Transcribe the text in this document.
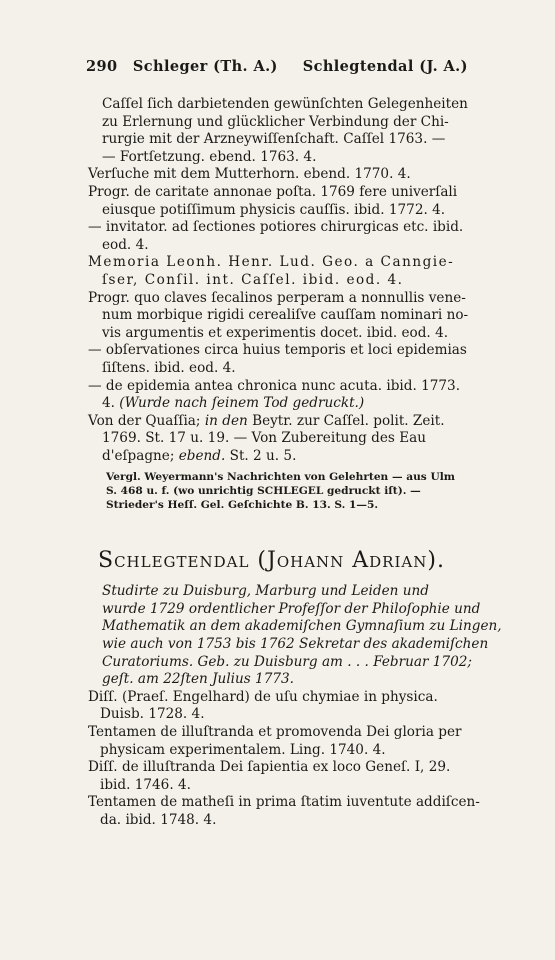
290 Schleger (Th. A.) Schlegtendal (J. A.)
Caſſel ſich darbietenden gewünſchten Gelegenheiten
zu Erlernung und glücklicher Verbindung der Chi-
rurgie mit der Arzneywiſſenſchaft. Caſſel 1763. —
— Fortſetzung. ebend. 1763. 4.
Verſuche mit dem Mutterhorn. ebend. 1770. 4.
Progr. de caritate annonae poſta. 1769 fere univerſali
eiusque potiſſimum physicis cauſſis. ibid. 1772. 4.
— invitator. ad ſectiones potiores chirurgicas etc. ibid.
eod. 4.
Memoria Leonh. Henr. Lud. Geo. a Canngie-
ſser, Conſil. int. Caſſel. ibid. eod. 4.
Progr. quo claves ſecalinos perperam a nonnullis vene-
num morbique rigidi cerealiſve cauſſam nominari no-
vis argumentis et experimentis docet. ibid. eod. 4.
— obſervationes circa huius temporis et loci epidemias
ſiſtens. ibid. eod. 4.
— de epidemia antea chronica nunc acuta. ibid. 1773.
4. (Wurde nach ſeinem Tod gedruckt.)
Von der Quaſſia; in den Beytr. zur Caſſel. polit. Zeit.
1769. St. 17 u. 19. — Von Zubereitung des Eau
d'eſpagne; ebend. St. 2 u. 5.
Vergl. Weyermann's Nachrichten von Gelehrten — aus Ulm
S. 468 u. f. (wo unrichtig SCHLEGEL gedruckt iſt). —
Strieder's Heſſ. Gel. Geſchichte B. 13. S. 1—5.
Schlegtendal (Johann Adrian).
Studirte zu Duisburg, Marburg und Leiden und
wurde 1729 ordentlicher Profeſſor der Philoſophie und
Mathematik an dem akademiſchen Gymnaſium zu Lingen,
wie auch von 1753 bis 1762 Sekretar des akademiſchen
Curatoriums. Geb. zu Duisburg am . . . Februar 1702;
geſt. am 22ſten Julius 1773.
Diſſ. (Praeſ. Engelhard) de uſu chymiae in physica.
Duisb. 1728. 4.
Tentamen de illuſtranda et promovenda Dei gloria per
physicam experimentalem. Ling. 1740. 4.
Diſſ. de illuſtranda Dei ſapientia ex loco Geneſ. I, 29.
ibid. 1746. 4.
Tentamen de matheſi in prima ſtatim iuventute addiſcen-
da. ibid. 1748. 4.
